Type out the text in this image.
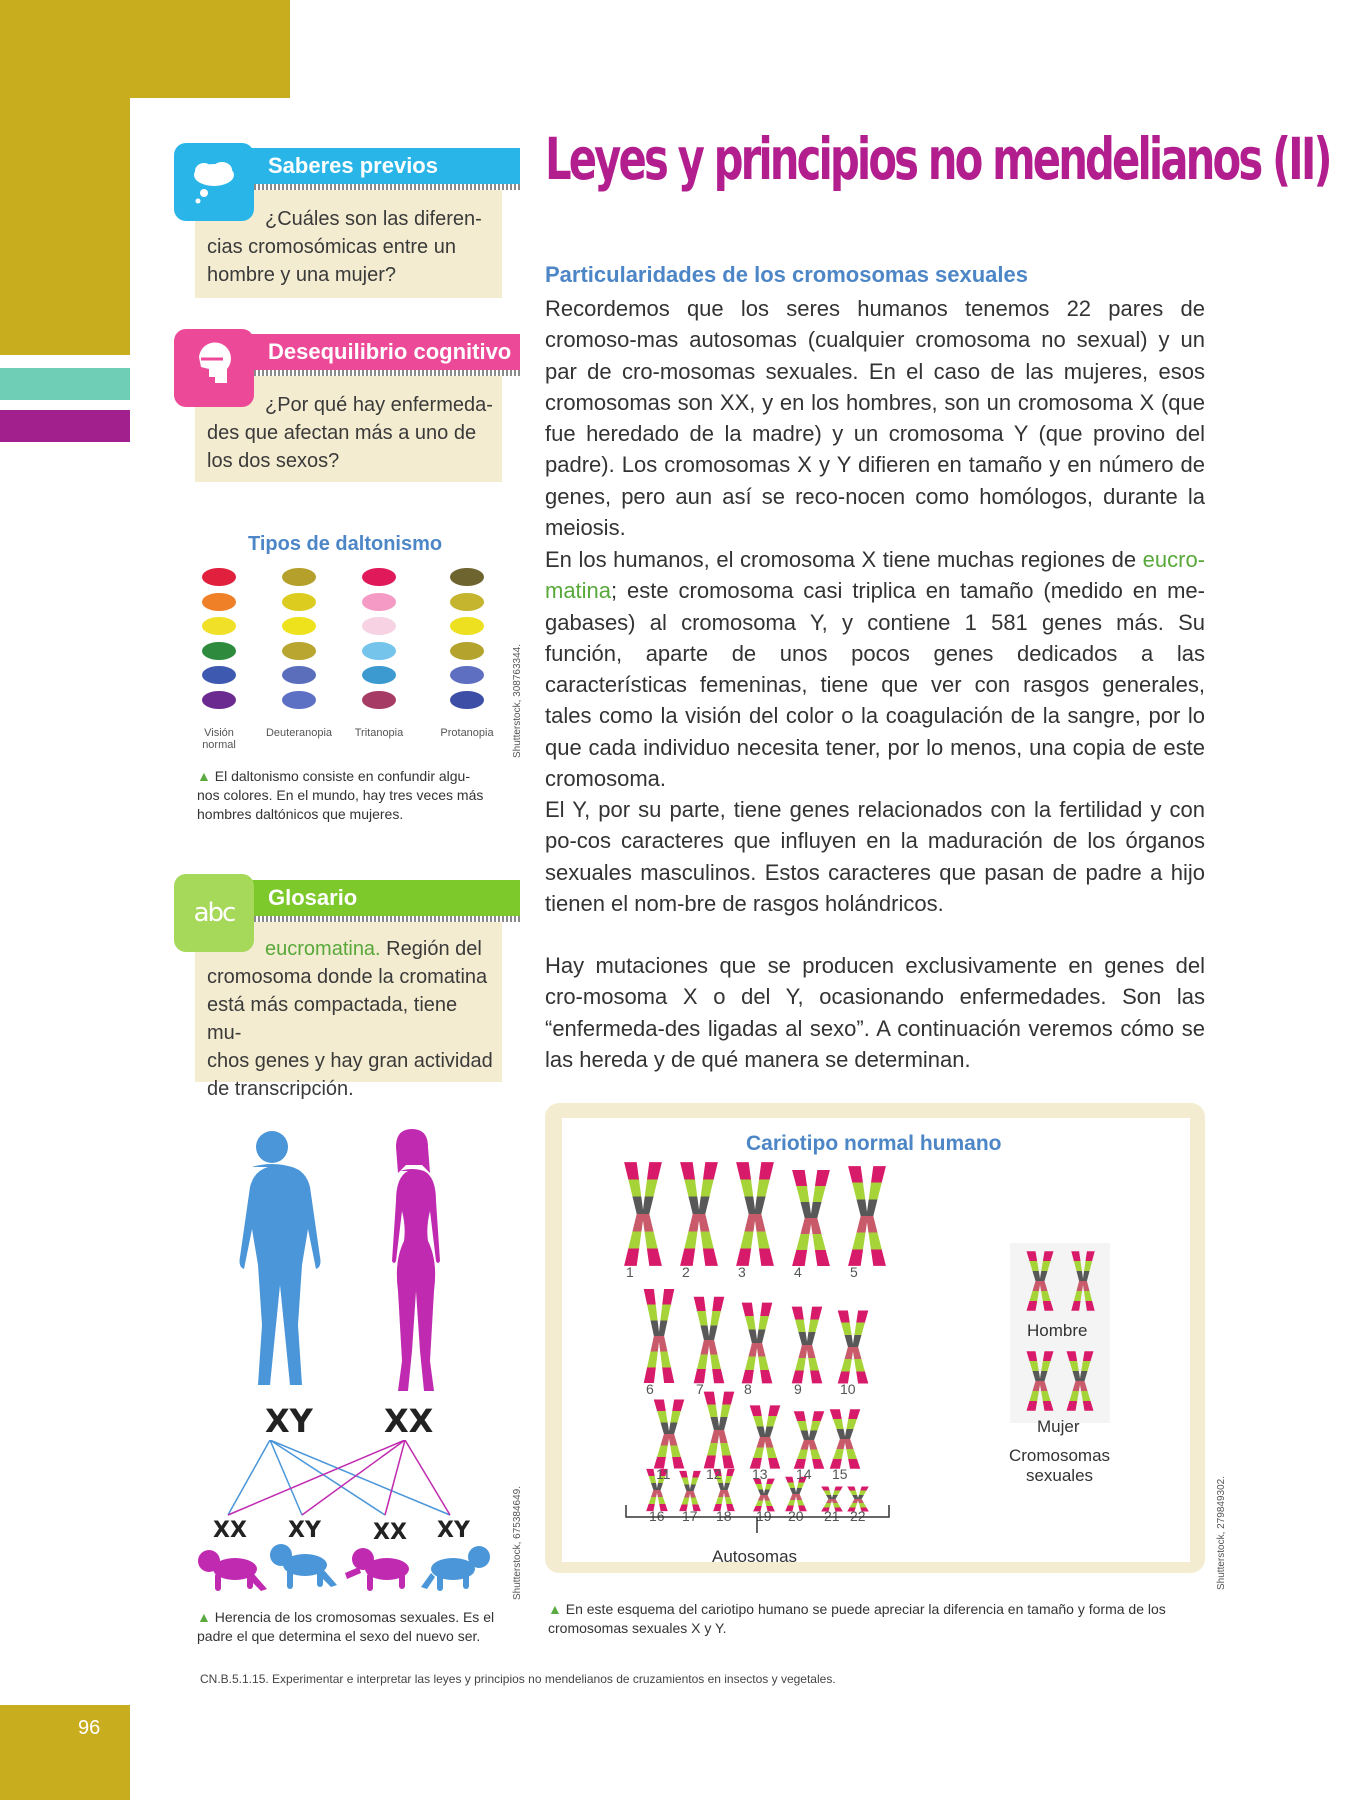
96
Saberes previos
¿Cuáles son las diferen-
cias cromosómicas entre un
hombre y una mujer?
Desequilibrio cognitivo
¿Por qué hay enfermeda-
des que afectan más a uno de
los dos sexos?
Tipos de daltonismo
Visión
normal
Deuteranopia	Tritanopia	Protanopia	Shutterstock, 308763344.
▲ El daltonismo consiste en confundir algu-
nos colores. En el mundo, hay tres veces más
hombres daltónicos que mujeres.
Glosario
abc
eucromatina. Región del
cromosoma donde la cromatina
está más compactada, tiene mu-
chos genes y hay gran actividad
de transcripción.
Leyes y principios no mendelianos (II)
Particularidades de los cromosomas sexuales
Recordemos que los seres humanos tenemos 22 pares de cromoso-mas autosomas (cualquier cromosoma no sexual) y un par de cro-mosomas sexuales. En el caso de las mujeres, esos cromosomas son XX, y en los hombres, son un cromosoma X (que fue heredado de la madre) y un cromosoma Y (que provino del padre). Los cromosomas X y Y difieren en tamaño y en número de genes, pero aun así se reco-nocen como homólogos, durante la meiosis.
En los humanos, el cromosoma X tiene muchas regiones de eucro-matina; este cromosoma casi triplica en tamaño (medido en me-gabases) al cromosoma Y, y contiene 1 581 genes más. Su función, aparte de unos pocos genes dedicados a las características femeninas, tiene que ver con rasgos generales, tales como la visión del color o la coagulación de la sangre, por lo que cada individuo necesita tener, por lo menos, una copia de este cromosoma.
El Y, por su parte, tiene genes relacionados con la fertilidad y con po-cos caracteres que influyen en la maduración de los órganos sexuales masculinos. Estos caracteres que pasan de padre a hijo tienen el nom-bre de rasgos holándricos.
Hay mutaciones que se producen exclusivamente en genes del cro-mosoma X o del Y, ocasionando enfermedades. Son las “enfermeda-des ligadas al sexo”. A continuación veremos cómo se las hereda y de qué manera se determinan.
XY XX
XX XY XX XY	Shutterstock, 675384649.
▲ Herencia de los cromosomas sexuales. Es el
padre el que determina el sexo del nuevo ser.
Cariotipo normal humano
1	2	3	4	5
6	7	8	9	10
11	12 13 14 15
16 17 18 19 20 21 22
Autosomas
Hombre
Mujer
Cromosomas
sexuales
Shutterstock, 279849302.
▲ En este esquema del cariotipo humano se puede apreciar la diferencia en tamaño y forma de los
cromosomas sexuales X y Y.
CN.B.5.1.15. Experimentar e interpretar las leyes y principios no mendelianos de cruzamientos en insectos y vegetales.
